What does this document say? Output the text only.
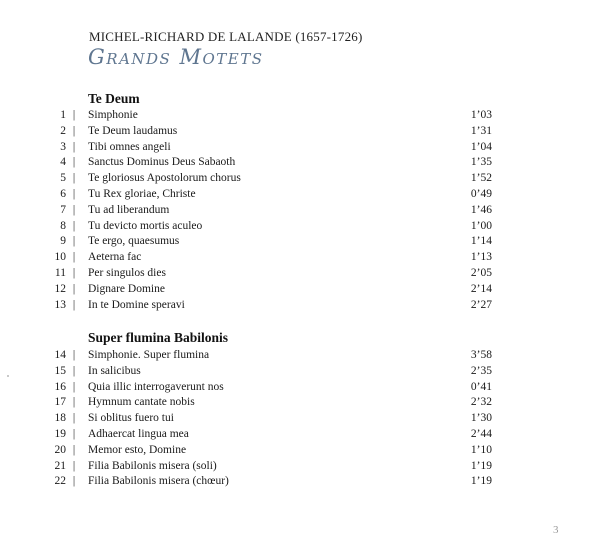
MICHEL-RICHARD DE LALANDE (1657-1726)
Grands Motets
Te Deum
1 | Simphonie	1’03
2 | Te Deum laudamus	1’31
3 | Tibi omnes angeli	1’04
4 | Sanctus Dominus Deus Sabaoth	1’35
5 | Te gloriosus Apostolorum chorus	1’52
6 | Tu Rex gloriae, Christe	0’49
7 | Tu ad liberandum	1’46
8 | Tu devicto mortis aculeo	1’00
9 | Te ergo, quaesumus	1’14
10 | Aeterna fac	1’13
11 | Per singulos dies	2’05
12 | Dignare Domine	2’14
13 | In te Domine speravi	2’27
Super flumina Babilonis
14 | Simphonie. Super flumina	3’58
15 | In salicibus	2’35
16 | Quia illic interrogaverunt nos	0’41
17 | Hymnum cantate nobis	2’32
18 | Si oblitus fuero tui	1’30
19 | Adhaercat lingua mea	2’44
20 | Memor esto, Domine	1’10
21 | Filia Babilonis misera (soli)	1’19
22 | Filia Babilonis misera (chœur)	1’19
3
